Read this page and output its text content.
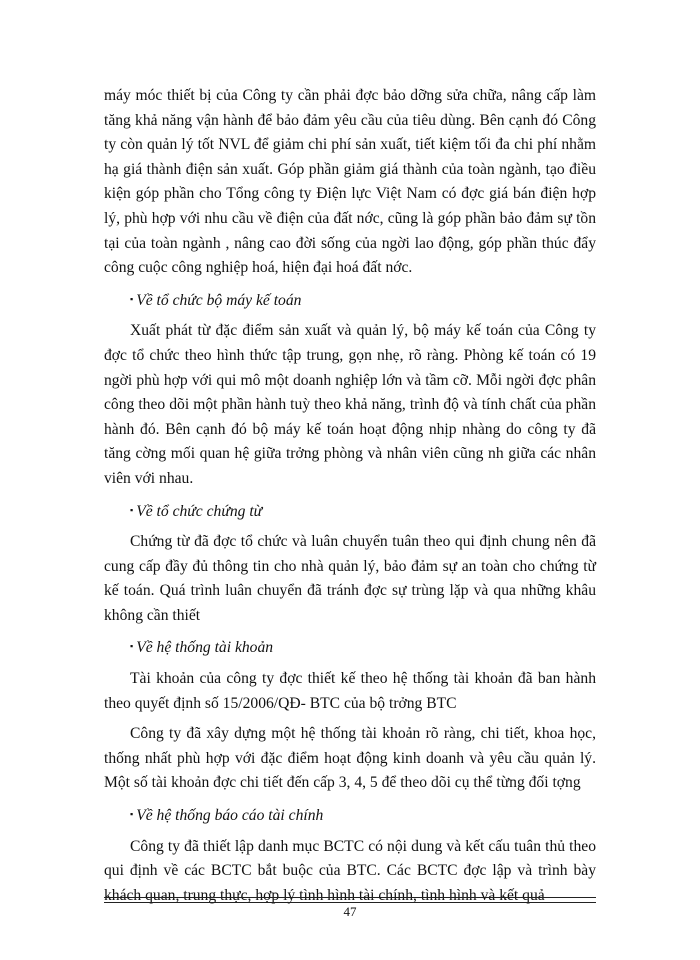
máy móc thiết bị của Công ty cần phải đợc bảo dỡng sửa chữa, nâng cấp làm tăng khả năng vận hành để bảo đảm yêu cầu của tiêu dùng. Bên cạnh đó Công ty còn quản lý tốt NVL để giảm chi phí sản xuất, tiết kiệm tối đa chi phí nhằm hạ giá thành điện sản xuất. Góp phần giảm giá thành của toàn ngành, tạo điều kiện góp phần cho Tổng công ty Điện lực Việt Nam có đợc giá bán điện hợp lý, phù hợp với nhu cầu về điện của đất nớc, cũng là góp phần bảo đảm sự tồn tại của toàn ngành , nâng cao đời sống của ngời lao động, góp phần thúc đẩy công cuộc công nghiệp hoá, hiện đại hoá đất nớc.

▪ Về tổ chức bộ máy kế toán

Xuất phát từ đặc điểm sản xuất và quản lý, bộ máy kế toán của Công ty đợc tổ chức theo hình thức tập trung, gọn nhẹ, rõ ràng. Phòng kế toán có 19 ngời phù hợp với qui mô một doanh nghiệp lớn và tầm cỡ. Mỗi ngời đợc phân công theo dõi một phần hành tuỳ theo khả năng, trình độ và tính chất của phần hành đó. Bên cạnh đó bộ máy kế toán hoạt động nhịp nhàng do công ty đã tăng cờng mối quan hệ giữa trởng phòng và nhân viên cũng nh giữa các nhân viên với nhau.

▪ Về tổ chức chứng từ

Chứng từ đã đợc tổ chức và luân chuyển tuân theo qui định chung nên đã cung cấp đầy đủ thông tin cho nhà quản lý, bảo đảm sự an toàn cho chứng từ kế toán. Quá trình luân chuyển đã tránh đợc sự trùng lặp và qua những khâu không cần thiết

▪ Về hệ thống tài khoản

Tài khoản của công ty đợc thiết kế theo hệ thống tài khoản đã ban hành theo quyết định số 15/2006/QĐ- BTC của bộ trởng BTC

Công ty đã xây dựng một hệ thống tài khoản rõ ràng, chi tiết, khoa học, thống nhất phù hợp với đặc điểm hoạt động kinh doanh và yêu cầu quản lý. Một số tài khoản đợc chi tiết đến cấp 3, 4, 5 để theo dõi cụ thể từng đối tợng

▪ Về hệ thống báo cáo tài chính

Công ty đã thiết lập danh mục BCTC có nội dung và kết cấu tuân thủ theo qui định về các BCTC bắt buộc của BTC. Các BCTC đợc lập và trình bày khách quan, trung thực, hợp lý tình hình tài chính, tình hình và kết quả

47
